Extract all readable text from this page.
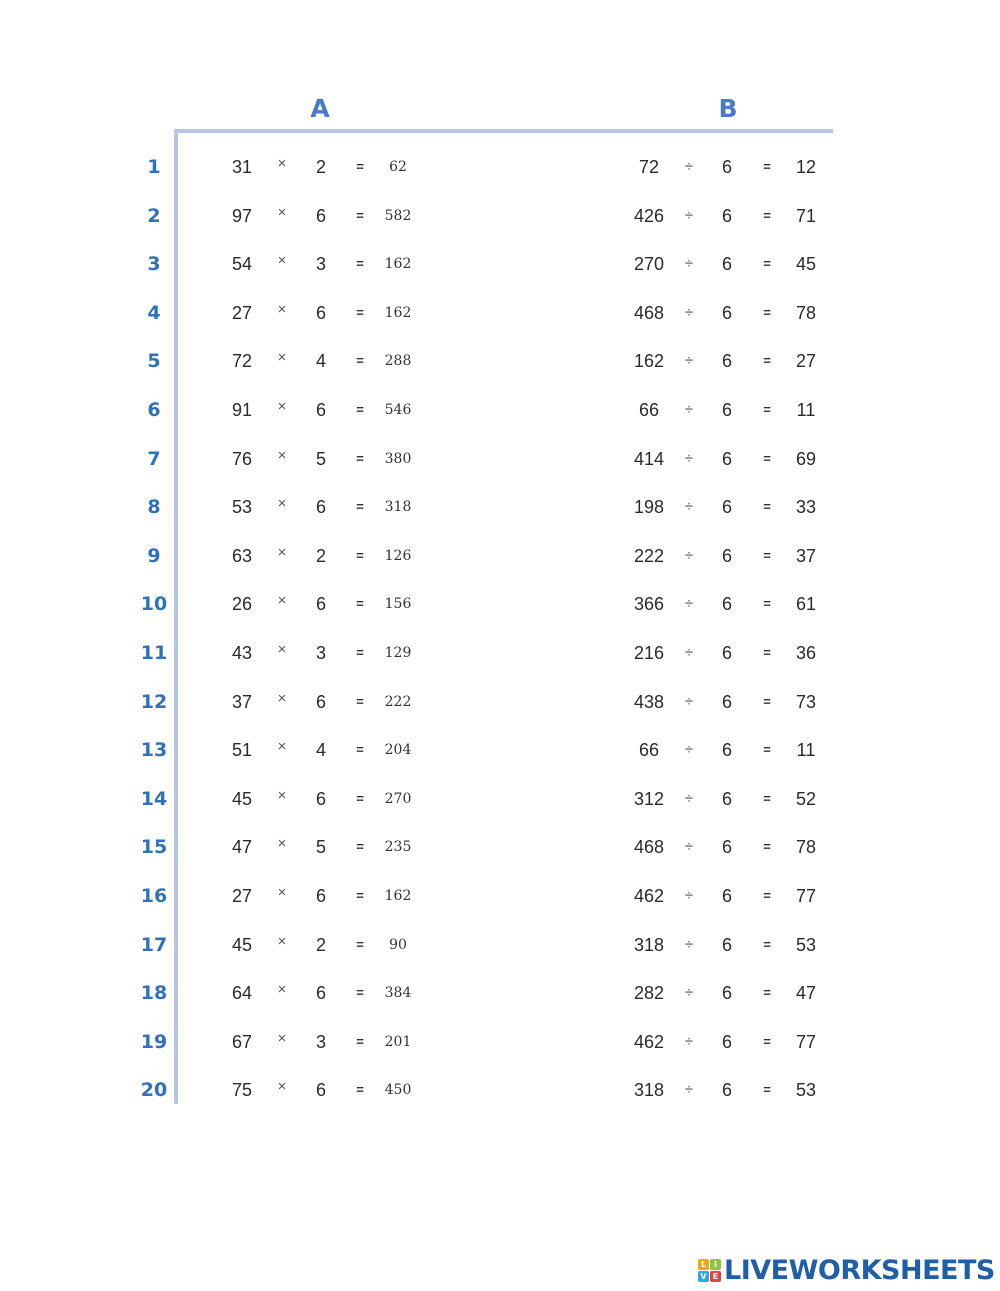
A	B
1	31	×	2	=	62	72	÷	6	=	12
2	97	×	6	=	582	426	÷	6	=	71
3	54	×	3	=	162	270	÷	6	=	45
4	27	×	6	=	162	468	÷	6	=	78
5	72	×	4	=	288	162	÷	6	=	27
6	91	×	6	=	546	66	÷	6	=	11
7	76	×	5	=	380	414	÷	6	=	69
8	53	×	6	=	318	198	÷	6	=	33
9	63	×	2	=	126	222	÷	6	=	37
10	26	×	6	=	156	366	÷	6	=	61
11	43	×	3	=	129	216	÷	6	=	36
12	37	×	6	=	222	438	÷	6	=	73
13	51	×	4	=	204	66	÷	6	=	11
14	45	×	6	=	270	312	÷	6	=	52
15	47	×	5	=	235	468	÷	6	=	78
16	27	×	6	=	162	462	÷	6	=	77
17	45	×	2	=	90	318	÷	6	=	53
18	64	×	6	=	384	282	÷	6	=	47
19	67	×	3	=	201	462	÷	6	=	77
20	75	×	6	=	450	318	÷	6	=	53
L I
V E LIVEWORKSHEETS
